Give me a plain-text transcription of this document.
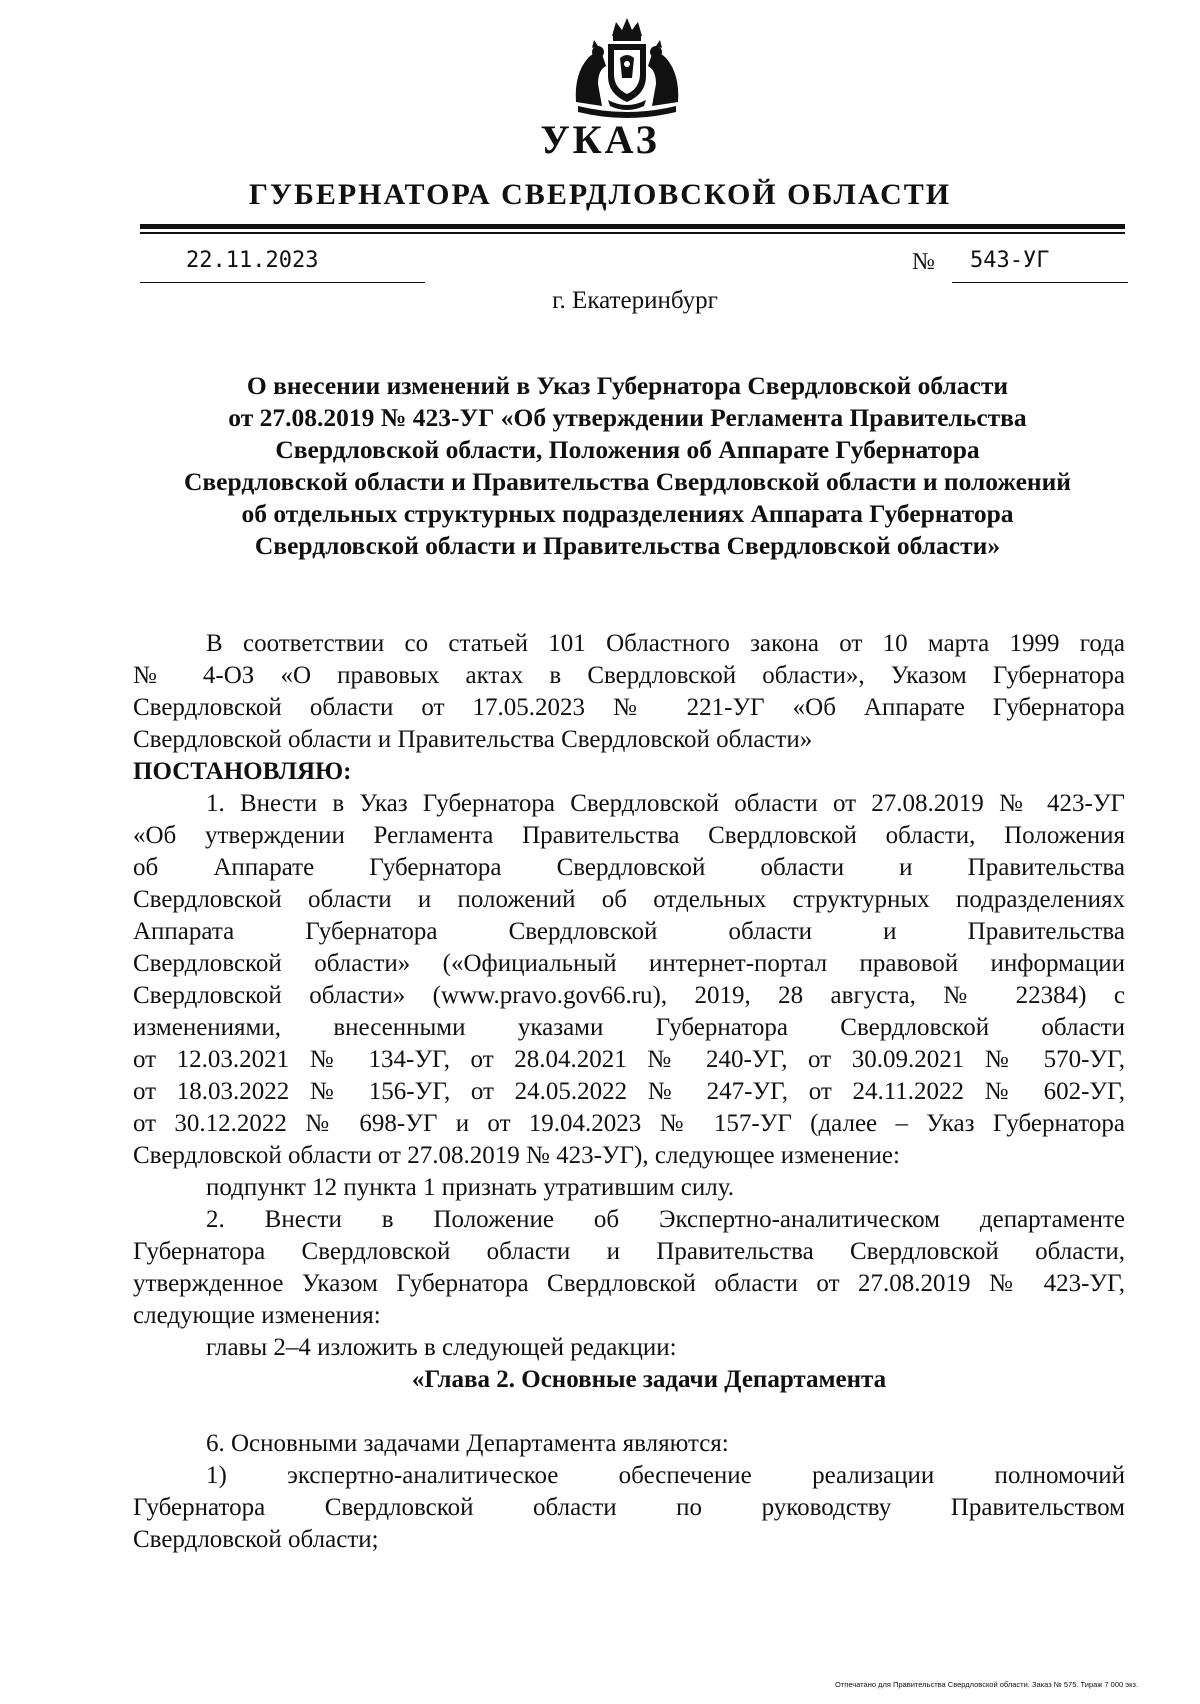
УКАЗ
ГУБЕРНАТОРА СВЕРДЛОВСКОЙ ОБЛАСТИ
22.11.2023	№ 543-УГ
г. Екатеринбург
О внесении изменений в Указ Губернатора Свердловской области
от 27.08.2019 № 423-УГ «Об утверждении Регламента Правительства
Свердловской области, Положения об Аппарате Губернатора
Свердловской области и Правительства Свердловской области и положений
об отдельных структурных подразделениях Аппарата Губернатора
Свердловской области и Правительства Свердловской области»

В соответствии со статьей 101 Областного закона от 10 марта 1999 года

№ 4-ОЗ «О правовых актах в Свердловской области», Указом Губернатора

Свердловской области от 17.05.2023 № 221-УГ «Об Аппарате Губернатора

Свердловской области и Правительства Свердловской области»

ПОСТАНОВЛЯЮ:

1. Внести в Указ Губернатора Свердловской области от 27.08.2019 № 423-УГ

«Об утверждении Регламента Правительства Свердловской области, Положения

об Аппарате Губернатора Свердловской области и Правительства

Свердловской области и положений об отдельных структурных подразделениях

Аппарата Губернатора Свердловской области и Правительства

Свердловской области» («Официальный интернет-портал правовой информации

Свердловской области» (www.pravo.gov66.ru), 2019, 28 августа, № 22384) с

изменениями, внесенными указами Губернатора Свердловской области

от 12.03.2021 № 134-УГ, от 28.04.2021 № 240-УГ, от 30.09.2021 № 570-УГ,

от 18.03.2022 № 156-УГ, от 24.05.2022 № 247-УГ, от 24.11.2022 № 602-УГ,

от 30.12.2022 № 698-УГ и от 19.04.2023 № 157-УГ (далее – Указ Губернатора

Свердловской области от 27.08.2019 № 423-УГ), следующее изменение:

подпункт 12 пункта 1 признать утратившим силу.

2. Внести в Положение об Экспертно-аналитическом департаменте

Губернатора Свердловской области и Правительства Свердловской области,

утвержденное Указом Губернатора Свердловской области от 27.08.2019 № 423-УГ,

следующие изменения:

главы 2–4 изложить в следующей редакции:

«Глава 2. Основные задачи Департамента

6. Основными задачами Департамента являются:

1) экспертно-аналитическое обеспечение реализации полномочий

Губернатора Свердловской области по руководству Правительством

Свердловской области;

Отпечатано для Правительства Свердловской области. Заказ № 575. Тираж 7 000 экз.
